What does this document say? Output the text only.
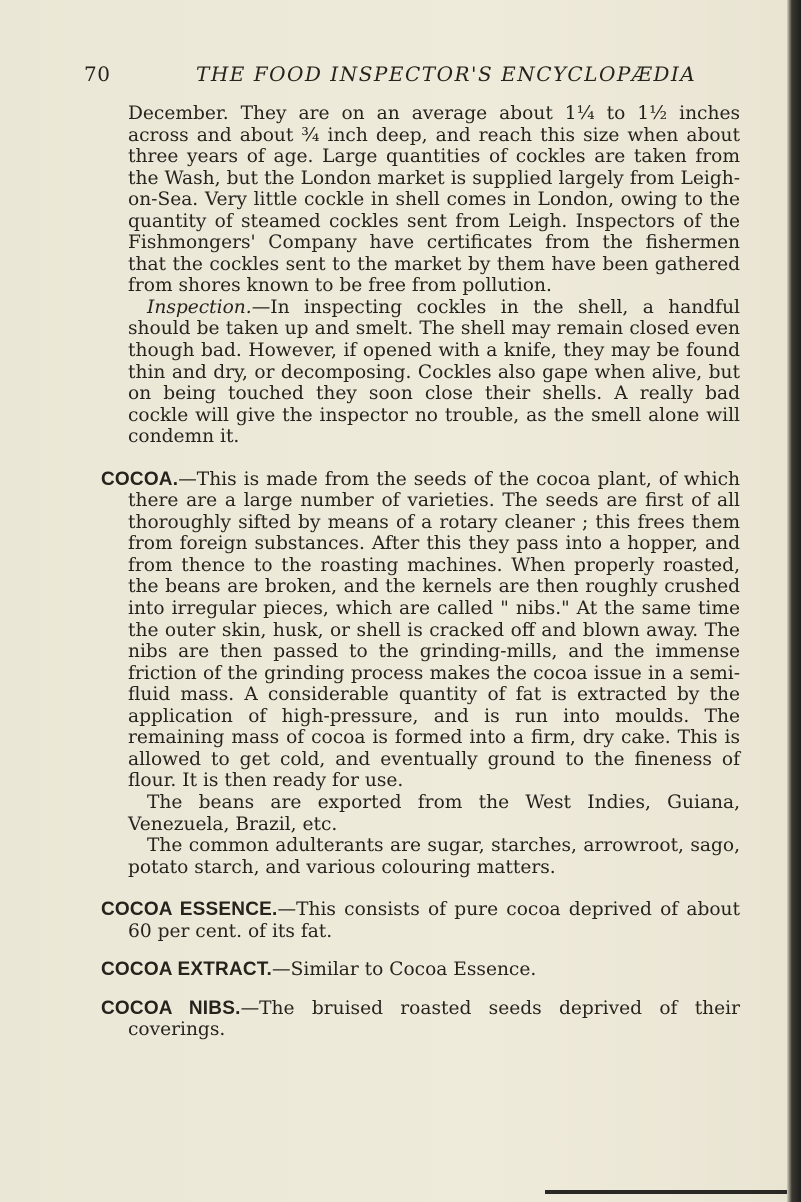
70	THE FOOD INSPECTOR'S ENCYCLOPÆDIA

December. They are on an average about 1¼ to 1½ inches across and about ¾ inch deep, and reach this size when about three years of age. Large quantities of cockles are taken from the Wash, but the London market is supplied largely from Leigh-on-Sea. Very little cockle in shell comes in London, owing to the quantity of steamed cockles sent from Leigh. Inspectors of the Fishmongers' Company have certificates from the fishermen that the cockles sent to the market by them have been gathered from shores known to be free from pollution.

Inspection.—In inspecting cockles in the shell, a handful should be taken up and smelt. The shell may remain closed even though bad. However, if opened with a knife, they may be found thin and dry, or decomposing. Cockles also gape when alive, but on being touched they soon close their shells. A really bad cockle will give the inspector no trouble, as the smell alone will condemn it.

COCOA.—This is made from the seeds of the cocoa plant, of which there are a large number of varieties. The seeds are first of all thoroughly sifted by means of a rotary cleaner ; this frees them from foreign substances. After this they pass into a hopper, and from thence to the roasting machines. When properly roasted, the beans are broken, and the kernels are then roughly crushed into irregular pieces, which are called " nibs." At the same time the outer skin, husk, or shell is cracked off and blown away. The nibs are then passed to the grinding-mills, and the immense friction of the grinding process makes the cocoa issue in a semi-fluid mass. A considerable quantity of fat is extracted by the application of high-pressure, and is run into moulds. The remaining mass of cocoa is formed into a firm, dry cake. This is allowed to get cold, and eventually ground to the fineness of flour. It is then ready for use.

The beans are exported from the West Indies, Guiana, Venezuela, Brazil, etc.

The common adulterants are sugar, starches, arrowroot, sago, potato starch, and various colouring matters.

COCOA ESSENCE.—This consists of pure cocoa deprived of about 60 per cent. of its fat.

COCOA EXTRACT.—Similar to Cocoa Essence.

COCOA NIBS.—The bruised roasted seeds deprived of their coverings.
